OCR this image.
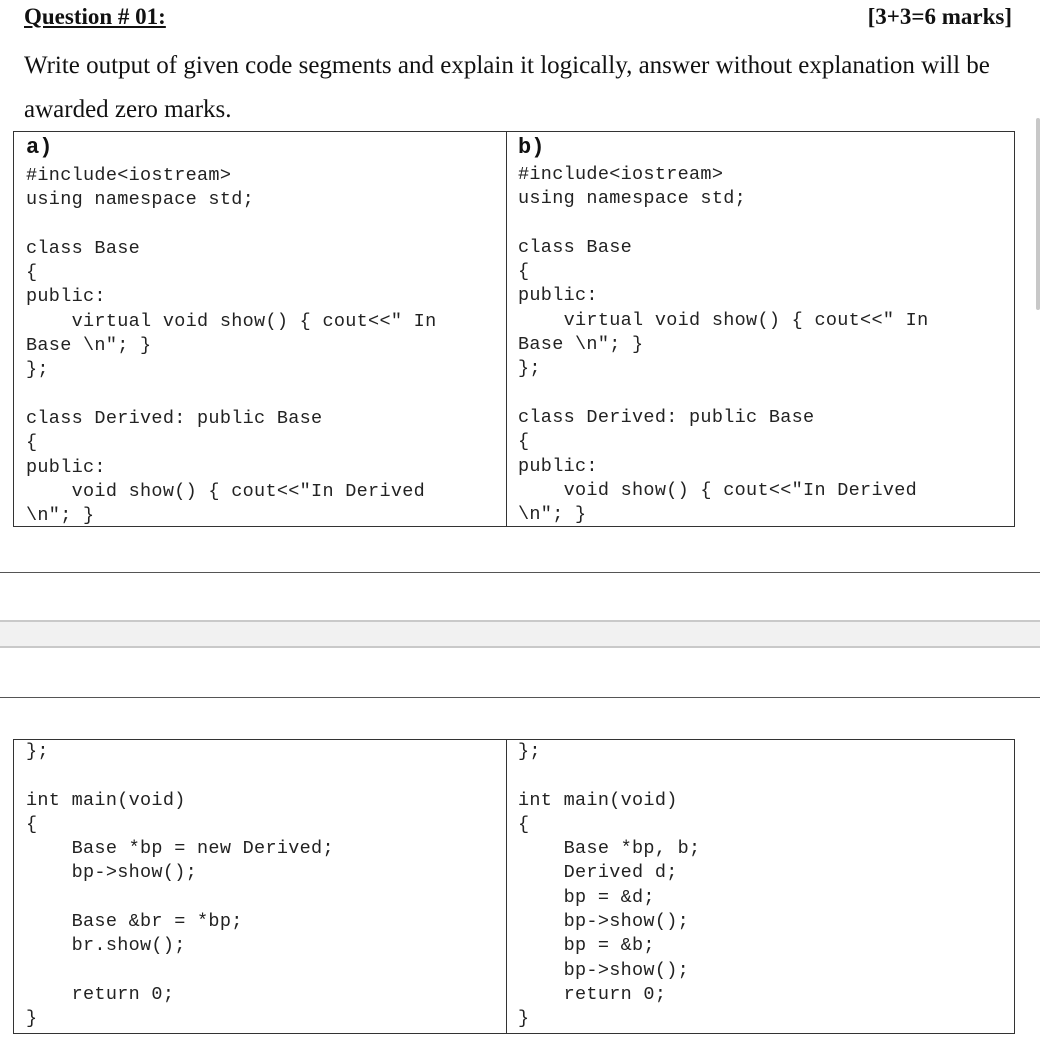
Question # 01:	[3+3=6 marks]
Write output of given code segments and explain it logically, answer without explanation will be awarded zero marks.
a)
#include<iostream>
using namespace std;

class Base
{
public:
virtual void show() { cout<<" In
Base \n"; }
};

class Derived: public Base
{
public:
void show() { cout<<"In Derived
\n"; }
b)
#include<iostream>
using namespace std;

class Base
{
public:
virtual void show() { cout<<" In
Base \n"; }
};

class Derived: public Base
{
public:
void show() { cout<<"In Derived
\n"; }
};

int main(void)
{
Base *bp = new Derived;
bp->show();

Base &br = *bp;
br.show();

return 0;
}
};

int main(void)
{
Base *bp, b;
Derived d;
bp = &d;
bp->show();
bp = &b;
bp->show();
return 0;
}
